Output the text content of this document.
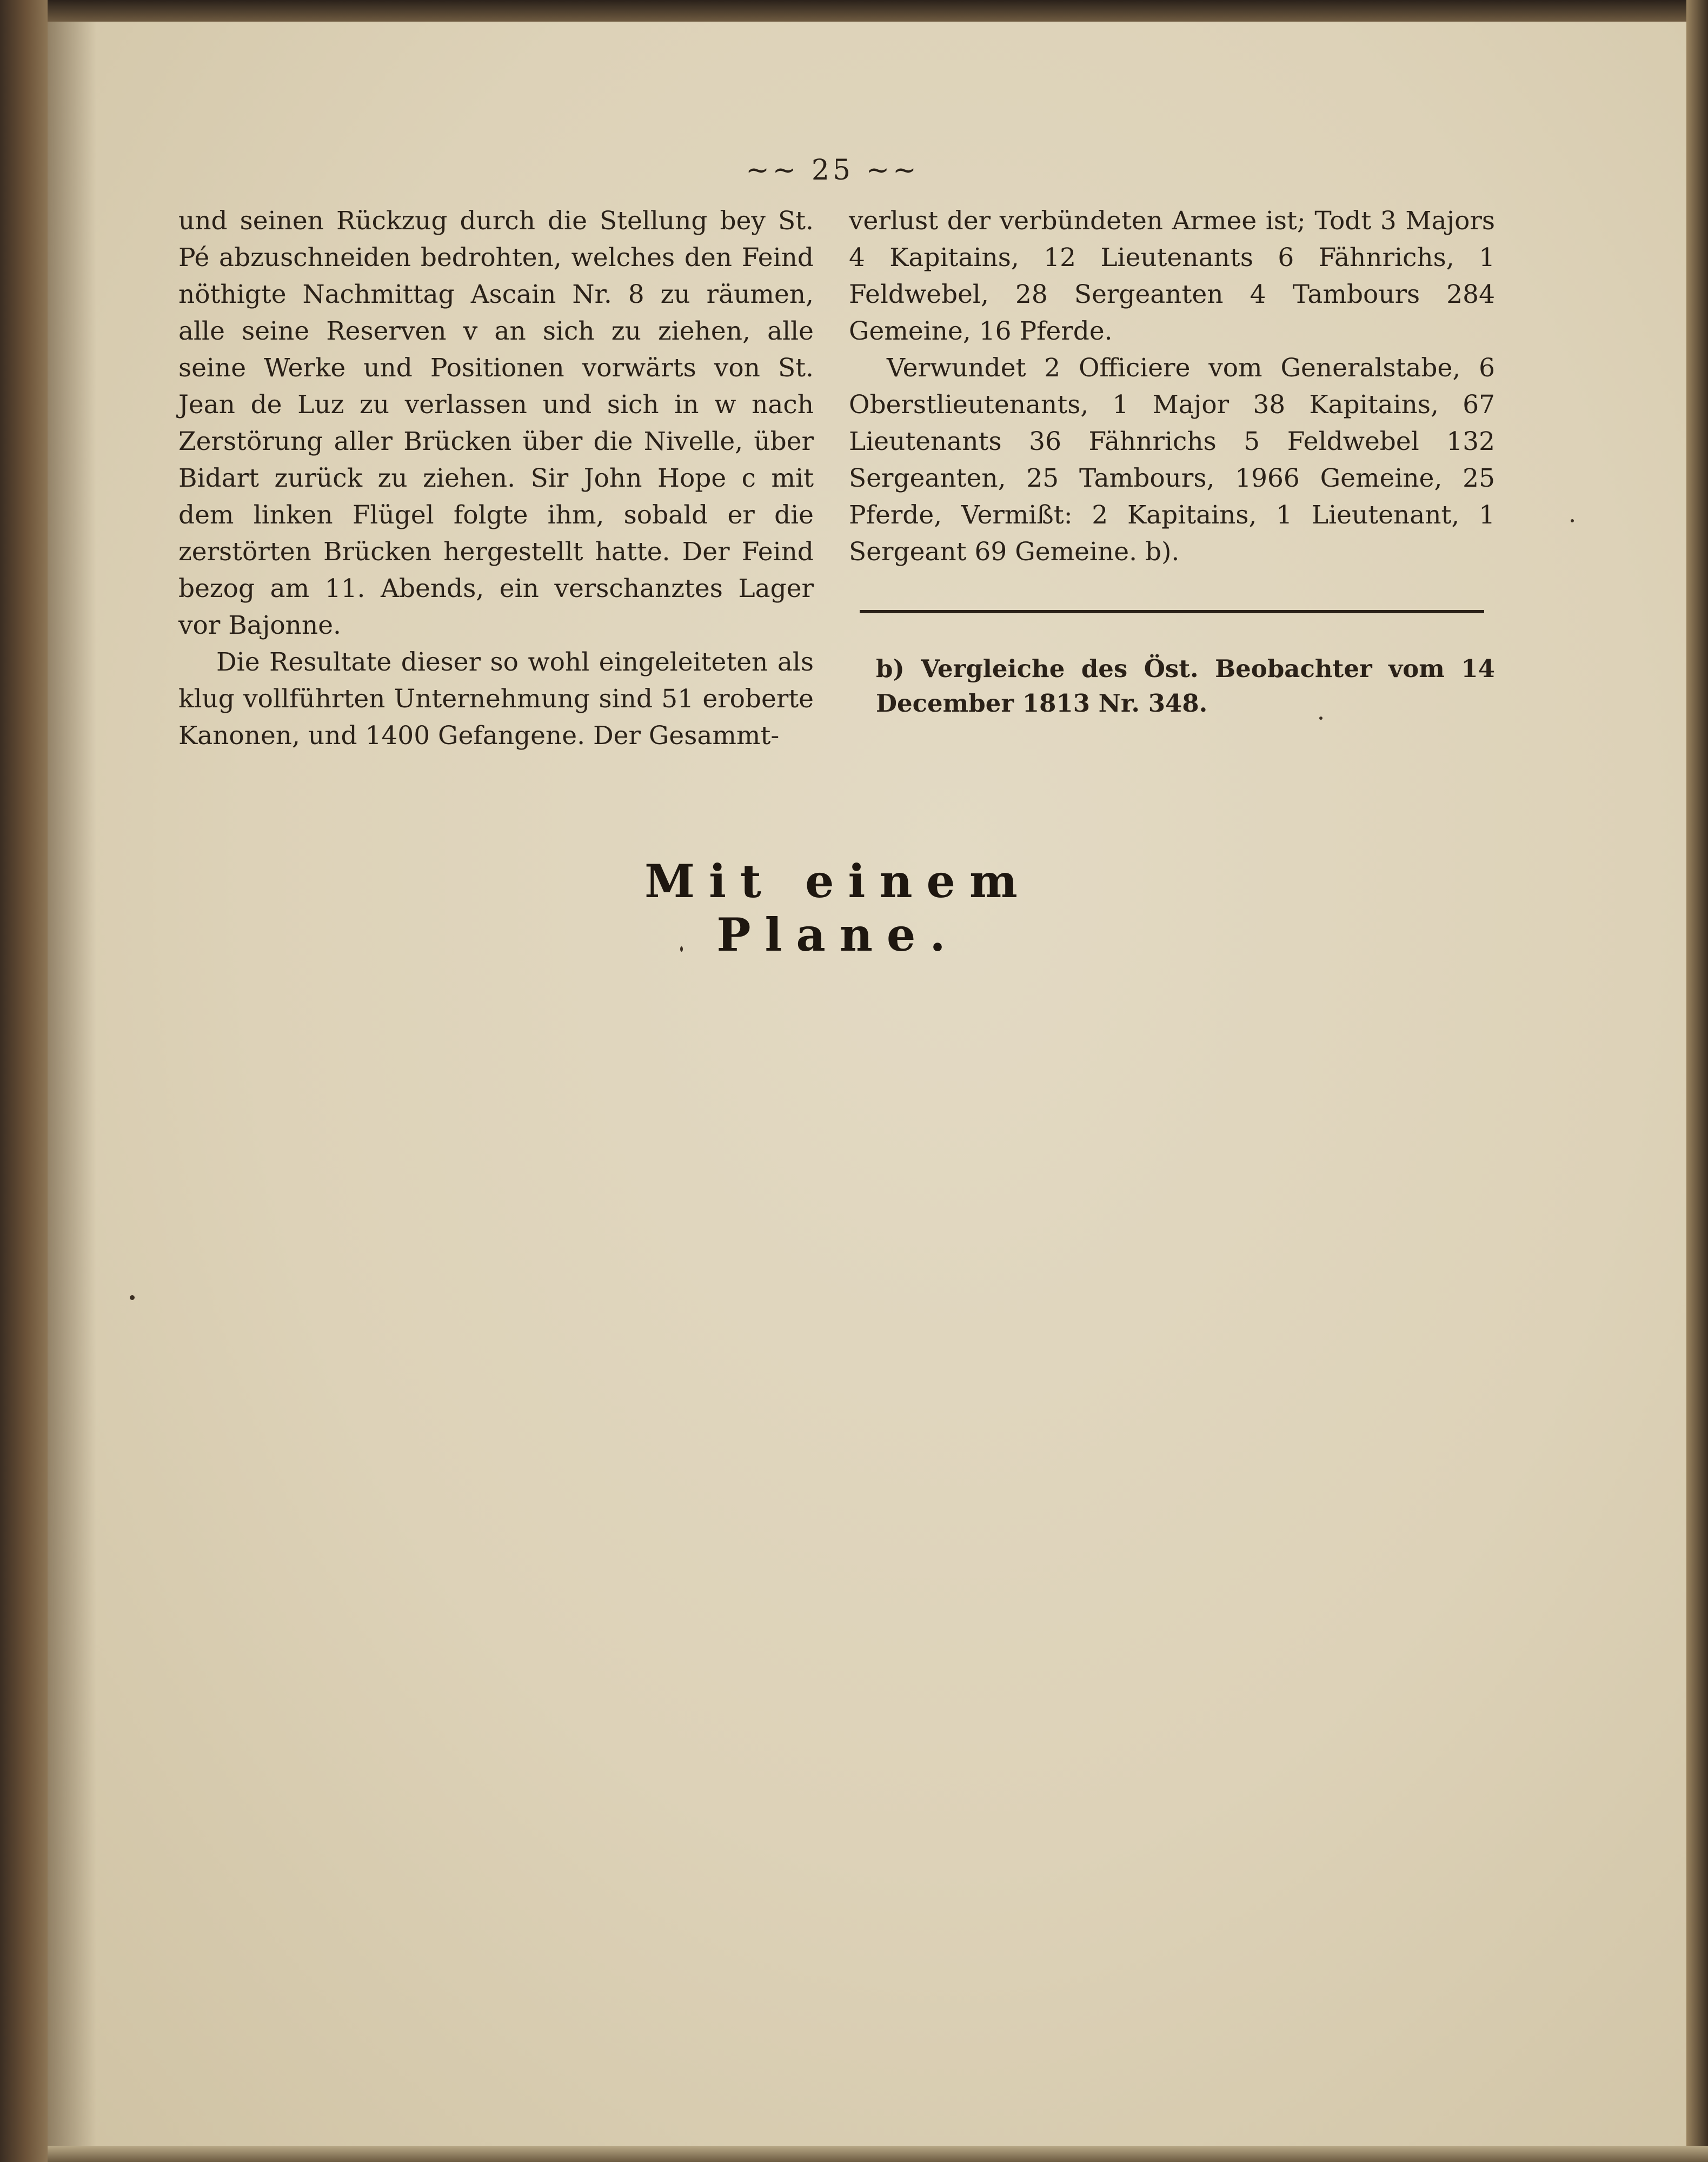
~~ 25 ~~

und seinen Rückzug durch die Stellung bey St. Pé abzuschneiden bedrohten, welches den Feind nöthigte Nachmittag Ascain Nr. 8 zu räumen, alle seine Reserven v an sich zu ziehen, alle seine Werke und Positionen vorwärts von St. Jean de Luz zu verlassen und sich in w nach Zerstörung aller Brücken über die Nivelle, über Bidart zurück zu ziehen. Sir John Hope c mit dem linken Flügel folgte ihm, sobald er die zerstörten Brücken hergestellt hatte. Der Feind bezog am 11. Abends, ein verschanztes Lager vor Bajonne.

Die Resultate dieser so wohl eingeleiteten als klug vollführten Unternehmung sind 51 eroberte Kanonen, und 1400 Gefangene. Der Gesammt-

verlust der verbündeten Armee ist; Todt 3 Majors 4 Kapitains, 12 Lieutenants 6 Fähnrichs, 1 Feldwebel, 28 Sergeanten 4 Tambours 284 Gemeine, 16 Pferde.

Verwundet 2 Officiere vom Generalstabe, 6 Oberstlieutenants, 1 Major 38 Kapitains, 67 Lieutenants 36 Fähnrichs 5 Feldwebel 132 Sergeanten, 25 Tambours, 1966 Gemeine, 25 Pferde, Vermißt: 2 Kapitains, 1 Lieutenant, 1 Sergeant 69 Gemeine. b).

b) Vergleiche des Öst. Beobachter vom 14 December 1813 Nr. 348.

Mit einem Plane.
